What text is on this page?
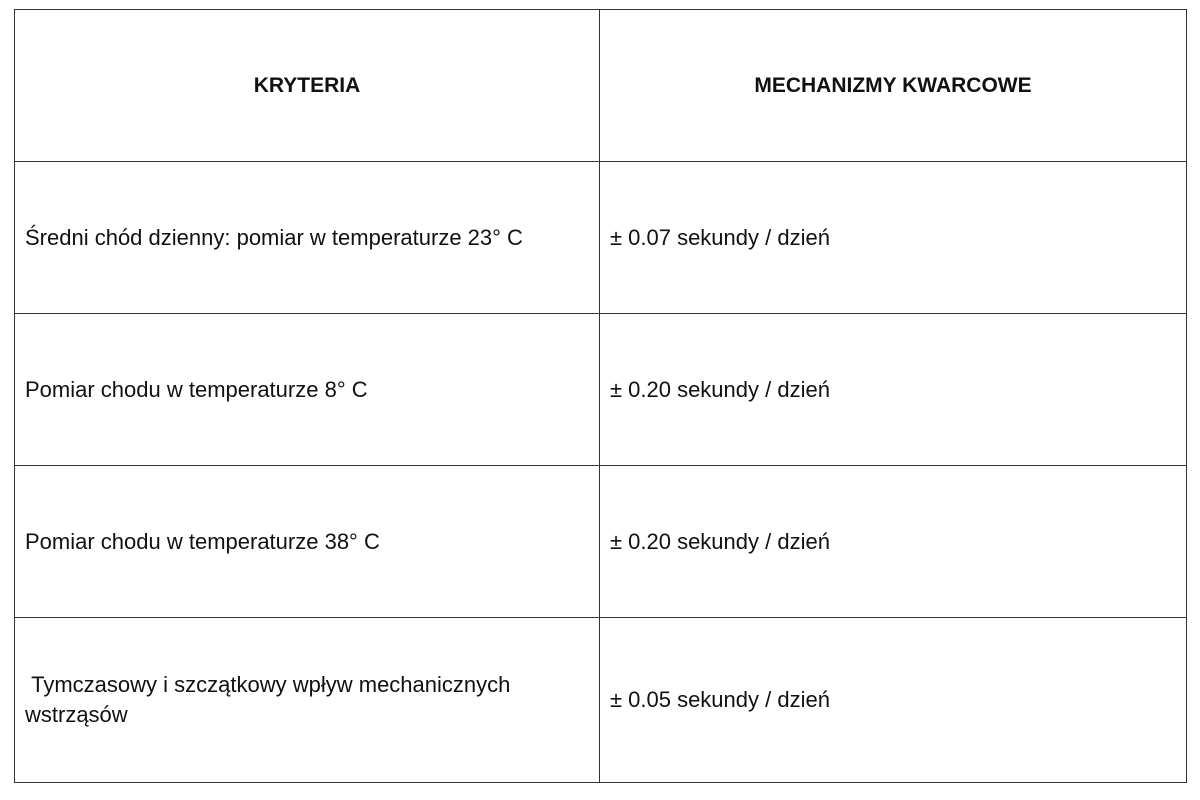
KRYTERIA	MECHANIZMY KWARCOWE
Średni chód dzienny: pomiar w temperaturze 23° C	± 0.07 sekundy / dzień
Pomiar chodu w temperaturze 8° C	± 0.20 sekundy / dzień
Pomiar chodu w temperaturze 38° C	± 0.20 sekundy / dzień
Tymczasowy i szczątkowy wpływ mechanicznych wstrząsów	± 0.05 sekundy / dzień
